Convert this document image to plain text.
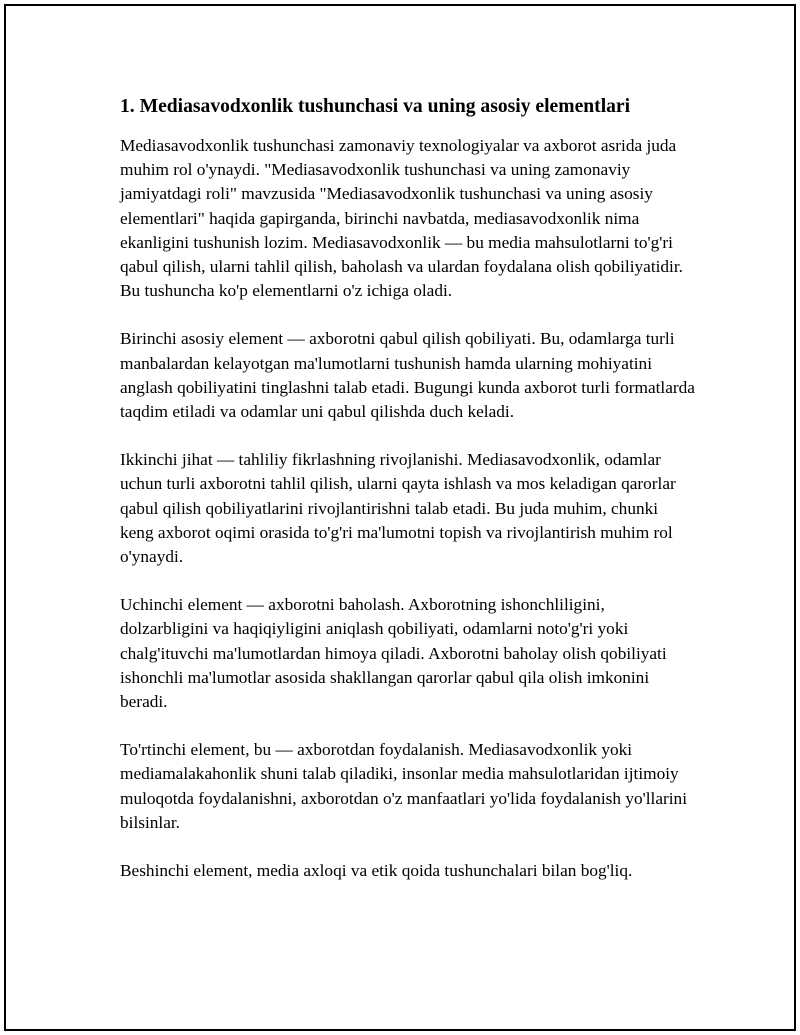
1. Mediasavodxonlik tushunchasi va uning asosiy elementlari

Mediasavodxonlik tushunchasi zamonaviy texnologiyalar va axborot asrida juda muhim rol o'ynaydi. "Mediasavodxonlik tushunchasi va uning zamonaviy jamiyatdagi roli" mavzusida "Mediasavodxonlik tushunchasi va uning asosiy elementlari" haqida gapirganda, birinchi navbatda, mediasavodxonlik nima ekanligini tushunish lozim. Mediasavodxonlik — bu media mahsulotlarni to'g'ri qabul qilish, ularni tahlil qilish, baholash va ulardan foydalana olish qobiliyatidir. Bu tushuncha ko'p elementlarni o'z ichiga oladi.

Birinchi asosiy element — axborotni qabul qilish qobiliyati. Bu, odamlarga turli manbalardan kelayotgan ma'lumotlarni tushunish hamda ularning mohiyatini anglash qobiliyatini tinglashni talab etadi. Bugungi kunda axborot turli formatlarda taqdim etiladi va odamlar uni qabul qilishda duch keladi.

Ikkinchi jihat — tahliliy fikrlashning rivojlanishi. Mediasavodxonlik, odamlar uchun turli axborotni tahlil qilish, ularni qayta ishlash va mos keladigan qarorlar qabul qilish qobiliyatlarini rivojlantirishni talab etadi. Bu juda muhim, chunki keng axborot oqimi orasida to'g'ri ma'lumotni topish va rivojlantirish muhim rol o'ynaydi.

Uchinchi element — axborotni baholash. Axborotning ishonchliligini, dolzarbligini va haqiqiyligini aniqlash qobiliyati, odamlarni noto'g'ri yoki chalg'ituvchi ma'lumotlardan himoya qiladi. Axborotni baholay olish qobiliyati ishonchli ma'lumotlar asosida shakllangan qarorlar qabul qila olish imkonini beradi.

To'rtinchi element, bu — axborotdan foydalanish. Mediasavodxonlik yoki mediamalakahonlik shuni talab qiladiki, insonlar media mahsulotlaridan ijtimoiy muloqotda foydalanishni, axborotdan o'z manfaatlari yo'lida foydalanish yo'llarini bilsinlar.

Beshinchi element, media axloqi va etik qoida tushunchalari bilan bog'liq.
